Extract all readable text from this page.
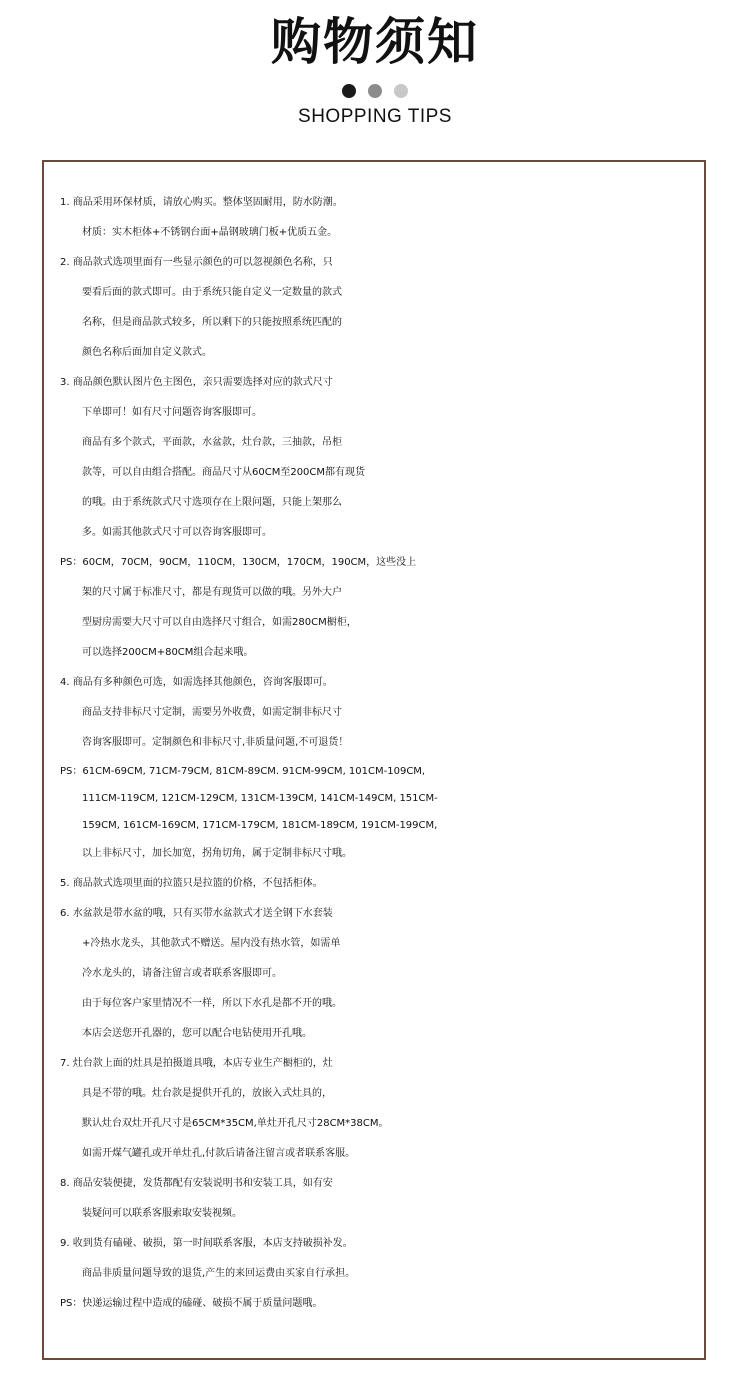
购物须知
SHOPPING TIPS
1. 商品采用环保材质，请放心购买。整体坚固耐用，防水防潮。
材质：实木柜体+不锈钢台面+晶钢玻璃门板+优质五金。
2. 商品款式选项里面有一些显示颜色的可以忽视颜色名称，只
要看后面的款式即可。由于系统只能自定义一定数量的款式
名称，但是商品款式较多，所以剩下的只能按照系统匹配的
颜色名称后面加自定义款式。
3. 商品颜色默认图片色主图色，亲只需要选择对应的款式尺寸
下单即可！如有尺寸问题咨询客服即可。
商品有多个款式，平面款，水盆款，灶台款，三抽款，吊柜
款等，可以自由组合搭配。商品尺寸从60CM至200CM都有现货
的哦。由于系统款式尺寸选项存在上限问题，只能上架那么
多。如需其他款式尺寸可以咨询客服即可。
PS：60CM，70CM，90CM，110CM，130CM，170CM，190CM，这些没上
架的尺寸属于标准尺寸，都是有现货可以做的哦。另外大户
型厨房需要大尺寸可以自由选择尺寸组合，如需280CM橱柜，
可以选择200CM+80CM组合起来哦。
4. 商品有多种颜色可选，如需选择其他颜色，咨询客服即可。
商品支持非标尺寸定制，需要另外收费，如需定制非标尺寸
咨询客服即可。定制颜色和非标尺寸,非质量问题,不可退货！
PS：61CM-69CM, 71CM-79CM, 81CM-89CM. 91CM-99CM, 101CM-109CM,
111CM-119CM, 121CM-129CM, 131CM-139CM, 141CM-149CM, 151CM-
159CM, 161CM-169CM, 171CM-179CM, 181CM-189CM, 191CM-199CM,
以上非标尺寸，加长加宽，拐角切角，属于定制非标尺寸哦。
5. 商品款式选项里面的拉篮只是拉篮的价格，不包括柜体。
6. 水盆款是带水盆的哦，只有买带水盆款式才送全钢下水套装
+冷热水龙头，其他款式不赠送。屋内没有热水管，如需单
冷水龙头的，请备注留言或者联系客服即可。
由于每位客户家里情况不一样，所以下水孔是都不开的哦。
本店会送您开孔器的，您可以配合电钻使用开孔哦。
7. 灶台款上面的灶具是拍摄道具哦，本店专业生产橱柜的，灶
具是不带的哦。灶台款是提供开孔的，放嵌入式灶具的，
默认灶台双灶开孔尺寸是65CM*35CM,单灶开孔尺寸28CM*38CM。
如需开煤气罐孔或开单灶孔,付款后请备注留言或者联系客服。
8. 商品安装便捷，发货都配有安装说明书和安装工具，如有安
装疑问可以联系客服索取安装视频。
9. 收到货有磕碰、破损，第一时间联系客服，本店支持破损补发。
商品非质量问题导致的退货,产生的来回运费由买家自行承担。
PS：快递运输过程中造成的磕碰、破损不属于质量问题哦。
